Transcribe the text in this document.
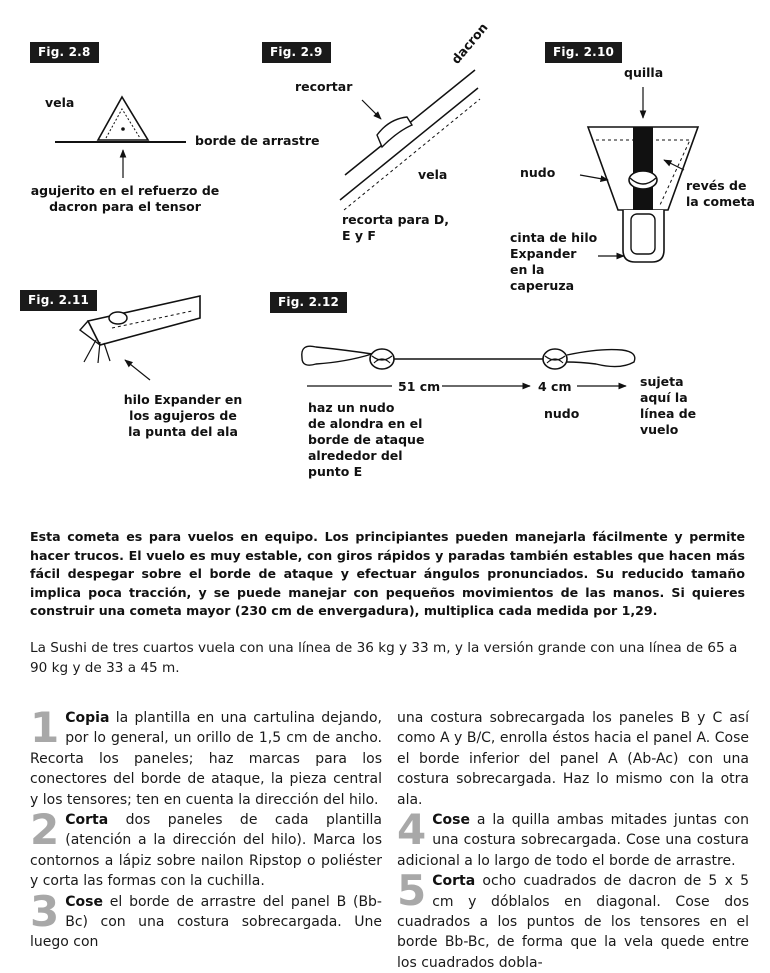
Fig. 2.8
vela
borde de arrastre
agujerito en el refuerzo de
dacron para el tensor
Fig. 2.9
recortar
dacron
vela
recorta para D,
E y F
Fig. 2.10
quilla
nudo
revés de
la cometa
cinta de hilo
Expander
en la
caperuza
Fig. 2.11
hilo Expander en
los agujeros de
la punta del ala
Fig. 2.12
51 cm	4 cm
haz un nudo
de alondra en el
borde de ataque
alrededor del
punto E
nudo
sujeta
aquí la
línea de
vuelo

Esta cometa es para vuelos en equipo. Los principiantes pueden manejarla fácilmente y permite hacer trucos. El vuelo es muy estable, con giros rápidos y paradas también estables que hacen más fácil despegar sobre el borde de ataque y efectuar ángulos pronunciados. Su reducido tamaño implica poca tracción, y se puede manejar con pequeños movimientos de las manos. Si quieres construir una cometa mayor (230 cm de envergadura), multiplica cada medida por 1,29.

La Sushi de tres cuartos vuela con una línea de 36 kg y 33 m, y la versión grande con una línea de 65 a 90 kg y de 33 a 45 m.

1 Copia la plantilla en una cartulina dejando, por lo general, un orillo de 1,5 cm de ancho. Recorta los paneles; haz marcas para los conectores del borde de ataque, la pieza central y los tensores; ten en cuenta la dirección del hilo.

2 Corta dos paneles de cada plantilla (atención a la dirección del hilo). Marca los contornos a lápiz sobre nailon Ripstop o poliéster y corta las formas con la cuchilla.

3 Cose el borde de arrastre del panel B (Bb-Bc) con una costura sobrecargada. Une luego con

una costura sobrecargada los paneles B y C así como A y B/C, enrolla éstos hacia el panel A. Cose el borde inferior del panel A (Ab-Ac) con una costura sobrecargada. Haz lo mismo con la otra ala.

4 Cose a la quilla ambas mitades juntas con una costura sobrecargada. Cose una costura adicional a lo largo de todo el borde de arrastre.

5 Corta ocho cuadrados de dacron de 5 x 5 cm y dóblalos en diagonal. Cose dos cuadrados a los puntos de los tensores en el borde Bb-Bc, de forma que la vela quede entre los cuadrados dobla-
